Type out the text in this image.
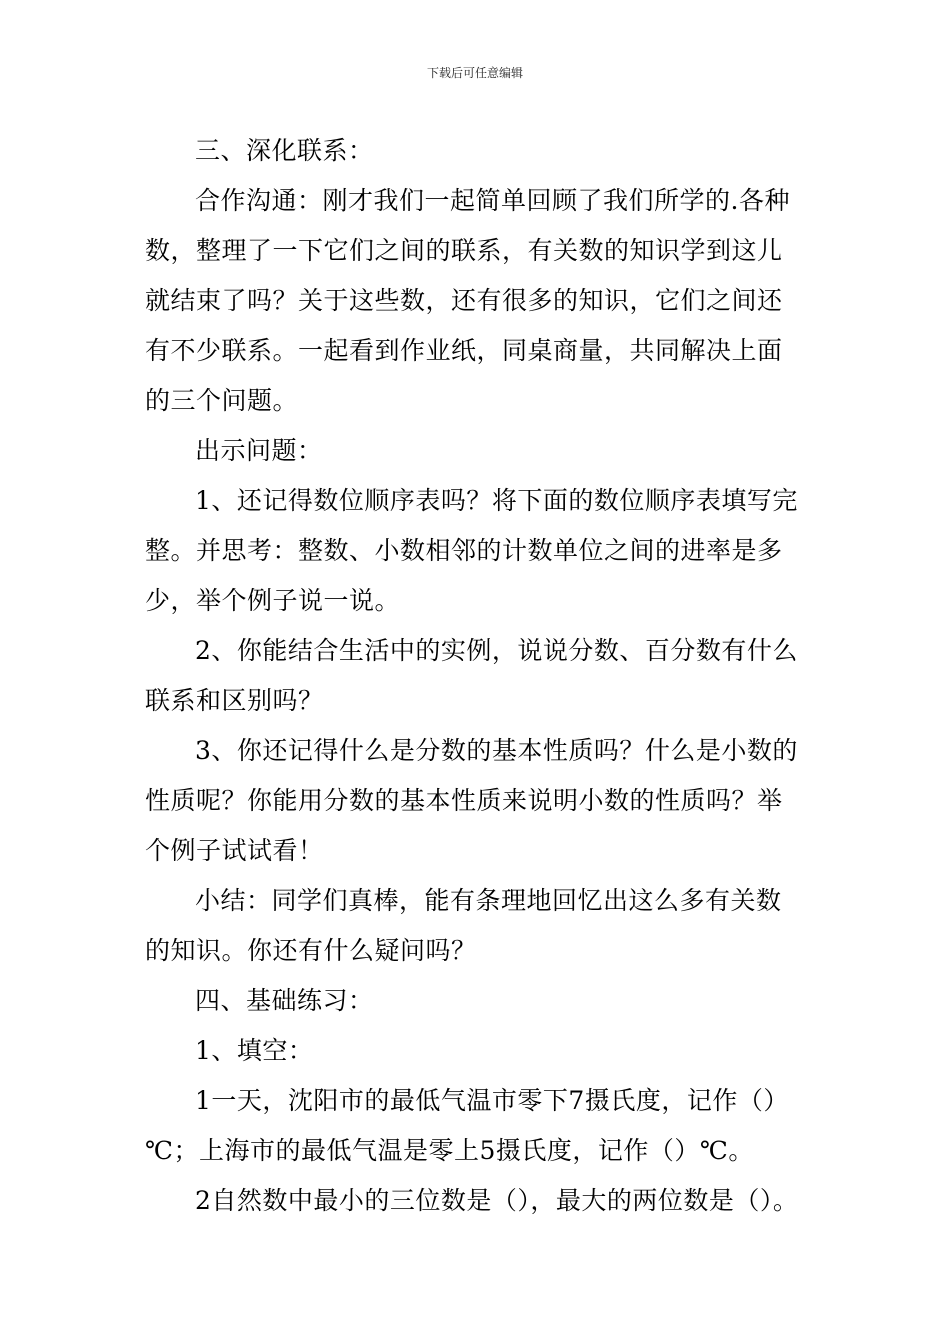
下载后可任意编辑

三、深化联系：

合作沟通：刚才我们一起简单回顾了我们所学的.各种

数，整理了一下它们之间的联系，有关数的知识学到这儿

就结束了吗？关于这些数，还有很多的知识，它们之间还

有不少联系。一起看到作业纸，同桌商量，共同解决上面

的三个问题。

出示问题：

1、还记得数位顺序表吗？将下面的数位顺序表填写完

整。并思考：整数、小数相邻的计数单位之间的进率是多

少，举个例子说一说。

2、你能结合生活中的实例，说说分数、百分数有什么

联系和区别吗？

3、你还记得什么是分数的基本性质吗？什么是小数的

性质呢？你能用分数的基本性质来说明小数的性质吗？举

个例子试试看！

小结：同学们真棒，能有条理地回忆出这么多有关数

的知识。你还有什么疑问吗？

四、基础练习：

1、填空：

1一天，沈阳市的最低气温市零下7摄氏度，记作（）

℃；上海市的最低气温是零上5摄氏度，记作（）℃。

2自然数中最小的三位数是（），最大的两位数是（）。
